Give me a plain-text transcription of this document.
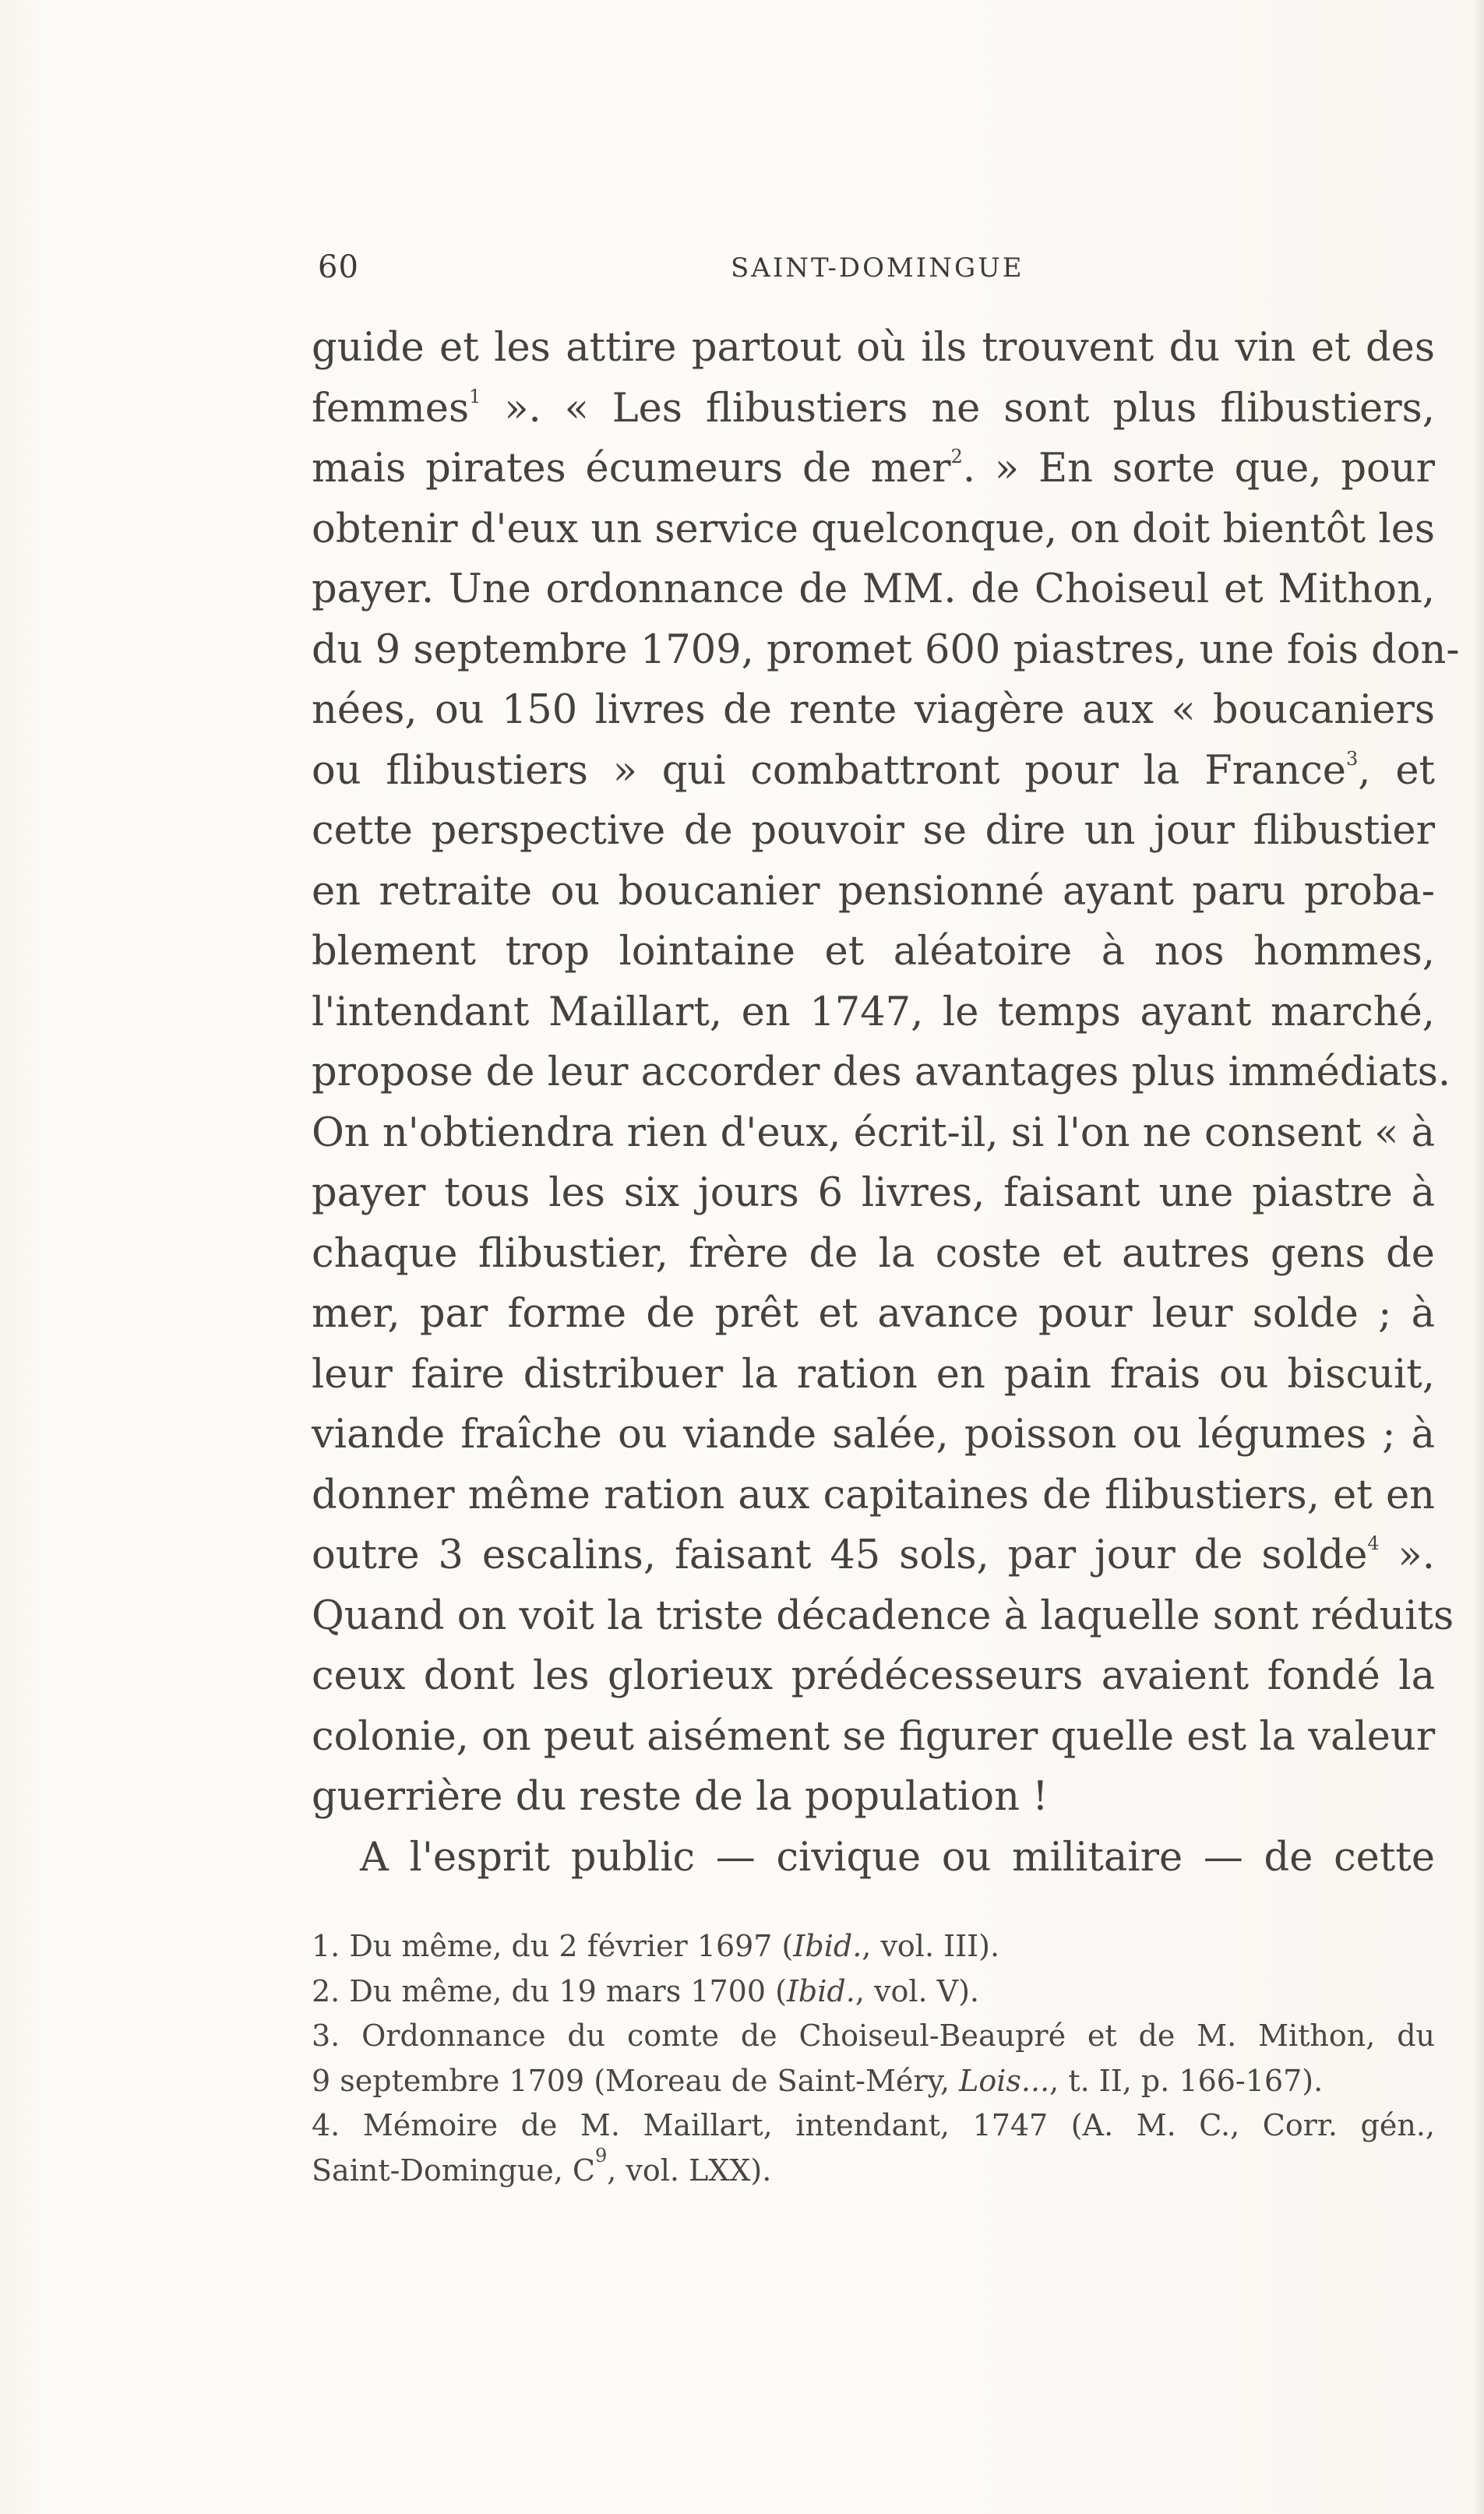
60	SAINT-DOMINGUE
guide et les attire partout où ils trouvent du vin et des
femmes$^1$ ». « Les flibustiers ne sont plus flibustiers,
mais pirates écumeurs de mer$^2$. » En sorte que, pour
obtenir d'eux un service quelconque, on doit bientôt les
payer. Une ordonnance de MM. de Choiseul et Mithon,
du 9 septembre 1709, promet 600 piastres, une fois don-
nées, ou 150 livres de rente viagère aux « boucaniers
ou flibustiers » qui combattront pour la France$^3$, et
cette perspective de pouvoir se dire un jour flibustier
en retraite ou boucanier pensionné ayant paru proba-
blement trop lointaine et aléatoire à nos hommes,
l'intendant Maillart, en 1747, le temps ayant marché,
propose de leur accorder des avantages plus immédiats.
On n'obtiendra rien d'eux, écrit-il, si l'on ne consent « à
payer tous les six jours 6 livres, faisant une piastre à
chaque flibustier, frère de la coste et autres gens de
mer, par forme de prêt et avance pour leur solde ; à
leur faire distribuer la ration en pain frais ou biscuit,
viande fraîche ou viande salée, poisson ou légumes ; à
donner même ration aux capitaines de flibustiers, et en
outre 3 escalins, faisant 45 sols, par jour de solde$^4$ ».
Quand on voit la triste décadence à laquelle sont réduits
ceux dont les glorieux prédécesseurs avaient fondé la
colonie, on peut aisément se figurer quelle est la valeur
guerrière du reste de la population !
A l'esprit public — civique ou militaire — de cette
1. Du même, du 2 février 1697 (Ibid., vol. III).
2. Du même, du 19 mars 1700 (Ibid., vol. V).
3. Ordonnance du comte de Choiseul-Beaupré et de M. Mithon, du
9 septembre 1709 (Moreau de Saint-Méry, Lois..., t. II, p. 166-167).
4. Mémoire de M. Maillart, intendant, 1747 (A. M. C., Corr. gén.,
Saint-Domingue, $C^9$, vol. LXX).
